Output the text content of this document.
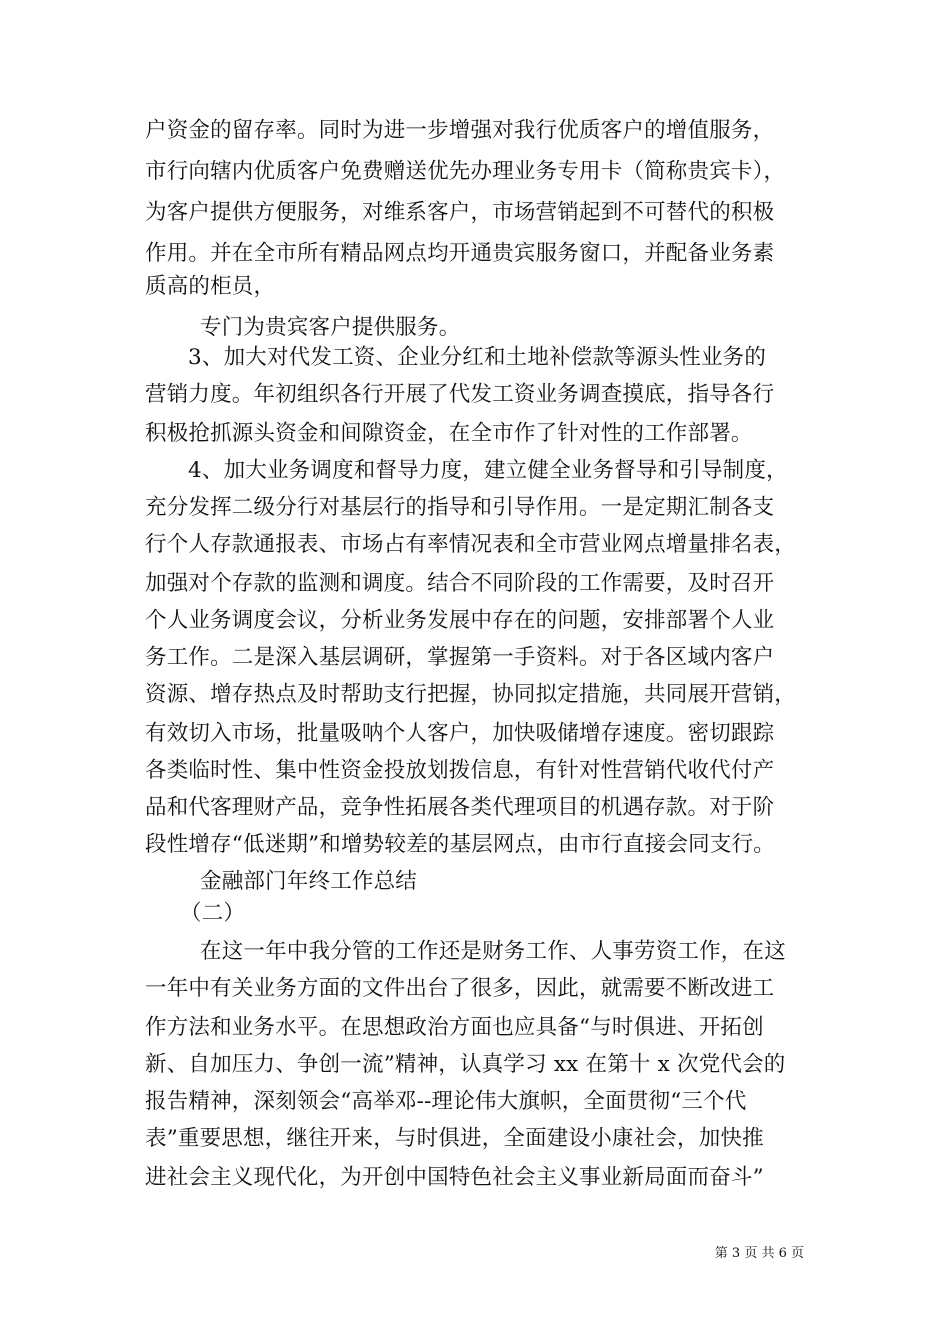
户资金的留存率。同时为进一步增强对我行优质客户的增值服务，
市行向辖内优质客户免费赠送优先办理业务专用卡（简称贵宾卡），
为客户提供方便服务，对维系客户，市场营销起到不可替代的积极
作用。并在全市所有精品网点均开通贵宾服务窗口，并配备业务素
质高的柜员，
专门为贵宾客户提供服务。
3、加大对代发工资、企业分红和土地补偿款等源头性业务的
营销力度。年初组织各行开展了代发工资业务调查摸底，指导各行
积极抢抓源头资金和间隙资金，在全市作了针对性的工作部署。
4、加大业务调度和督导力度，建立健全业务督导和引导制度，
充分发挥二级分行对基层行的指导和引导作用。一是定期汇制各支
行个人存款通报表、市场占有率情况表和全市营业网点增量排名表，
加强对个存款的监测和调度。结合不同阶段的工作需要，及时召开
个人业务调度会议，分析业务发展中存在的问题，安排部署个人业
务工作。二是深入基层调研，掌握第一手资料。对于各区域内客户
资源、增存热点及时帮助支行把握，协同拟定措施，共同展开营销，
有效切入市场，批量吸呐个人客户，加快吸储增存速度。密切跟踪
各类临时性、集中性资金投放划拨信息，有针对性营销代收代付产
品和代客理财产品，竞争性拓展各类代理项目的机遇存款。对于阶
段性增存“低迷期”和增势较差的基层网点，由市行直接会同支行。
金融部门年终工作总结
（二）
在这一年中我分管的工作还是财务工作、人事劳资工作，在这
一年中有关业务方面的文件出台了很多，因此，就需要不断改进工
作方法和业务水平。在思想政治方面也应具备“与时俱进、开拓创
新、自加压力、争创一流”精神，认真学习 xx 在第十 x 次党代会的
报告精神，深刻领会“高举邓--理论伟大旗帜，全面贯彻“三个代
表”重要思想，继往开来，与时俱进，全面建设小康社会，加快推
进社会主义现代化，为开创中国特色社会主义事业新局面而奋斗”
第 3 页 共 6 页
